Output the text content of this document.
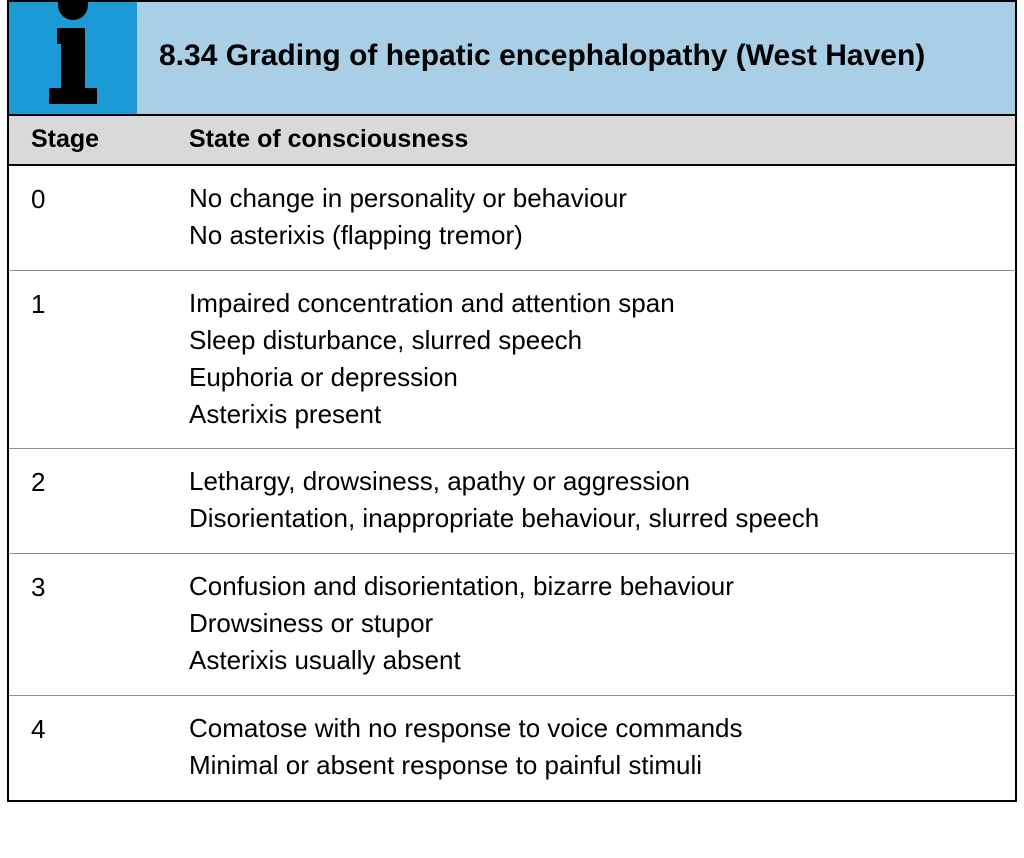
8.34 Grading of hepatic encephalopathy (West Haven)
Stage	State of consciousness
0	No change in personality or behaviour
No asterixis (flapping tremor)
1	Impaired concentration and attention span
Sleep disturbance, slurred speech
Euphoria or depression
Asterixis present
2	Lethargy, drowsiness, apathy or aggression
Disorientation, inappropriate behaviour, slurred speech
3	Confusion and disorientation, bizarre behaviour
Drowsiness or stupor
Asterixis usually absent
4	Comatose with no response to voice commands
Minimal or absent response to painful stimuli
